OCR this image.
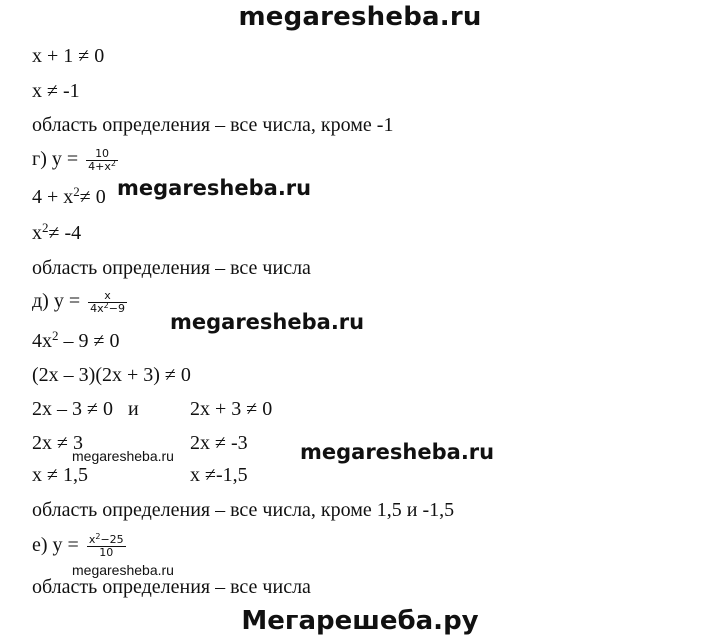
megaresheba.ru
x + 1 ≠ 0
x ≠ -1
область определения – все числа, кроме -1
г) $y = \frac{10}{4+x^2}$
megaresheba.ru
$4 + x^2\ne 0$
$x^2\ne -4$
область определения – все числа
д) $y = \frac{x}{4x^2-9}$
megaresheba.ru
$4x^2 - 9 \ne 0$
(2x – 3)(2x + 3) ≠ 0
2x – 3 ≠ 0   и	2x + 3 ≠ 0
2x ≠ 3	2x ≠ -3 megaresheba.ru
megaresheba.ru
x ≠ 1,5	x ≠-1,5
область определения – все числа, кроме 1,5 и -1,5
е) $y = \frac{x^2-25}{10}$
megaresheba.ru
область определения – все числа
Мегарешеба.ру
